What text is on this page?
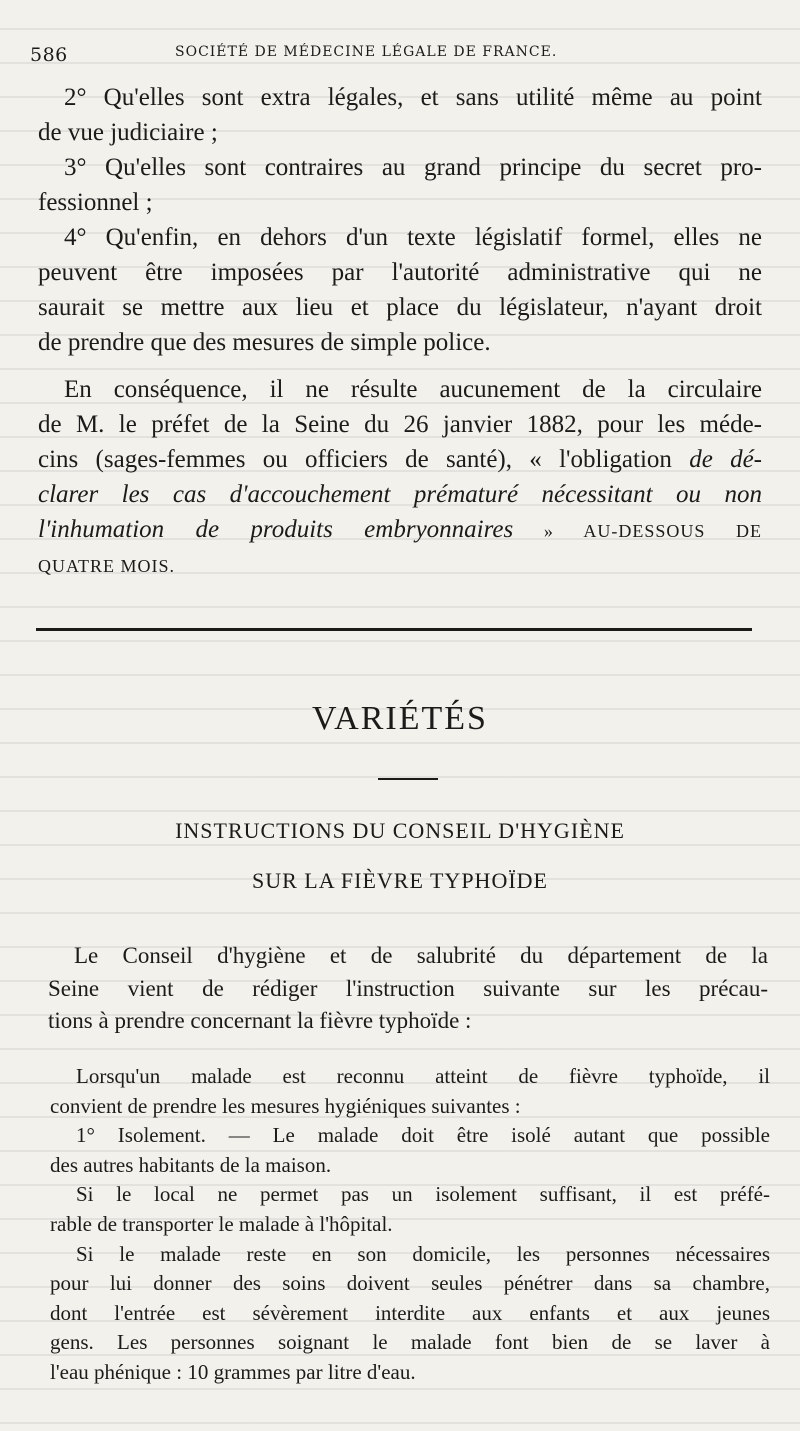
586	SOCIÉTÉ DE MÉDECINE LÉGALE DE FRANCE.
2° Qu'elles sont extra légales, et sans utilité même au point
de vue judiciaire ;
3° Qu'elles sont contraires au grand principe du secret pro-
fessionnel ;
4° Qu'enfin, en dehors d'un texte législatif formel, elles ne
peuvent être imposées par l'autorité administrative qui ne
saurait se mettre aux lieu et place du législateur, n'ayant droit
de prendre que des mesures de simple police.
En conséquence, il ne résulte aucunement de la circulaire
de M. le préfet de la Seine du 26 janvier 1882, pour les méde-
cins (sages-femmes ou officiers de santé), « l'obligation de dé-
clarer les cas d'accouchement prématuré nécessitant ou non
l'inhumation de produits embryonnaires » AU-DESSOUS DE
QUATRE MOIS.
VARIÉTÉS
INSTRUCTIONS DU CONSEIL D'HYGIÈNE
SUR LA FIÈVRE TYPHOÏDE
Le Conseil d'hygiène et de salubrité du département de la
Seine vient de rédiger l'instruction suivante sur les précau-
tions à prendre concernant la fièvre typhoïde :
Lorsqu'un malade est reconnu atteint de fièvre typhoïde, il
convient de prendre les mesures hygiéniques suivantes :
1° Isolement. — Le malade doit être isolé autant que possible
des autres habitants de la maison.
Si le local ne permet pas un isolement suffisant, il est préfé-
rable de transporter le malade à l'hôpital.
Si le malade reste en son domicile, les personnes nécessaires
pour lui donner des soins doivent seules pénétrer dans sa chambre,
dont l'entrée est sévèrement interdite aux enfants et aux jeunes
gens. Les personnes soignant le malade font bien de se laver à
l'eau phénique : 10 grammes par litre d'eau.
